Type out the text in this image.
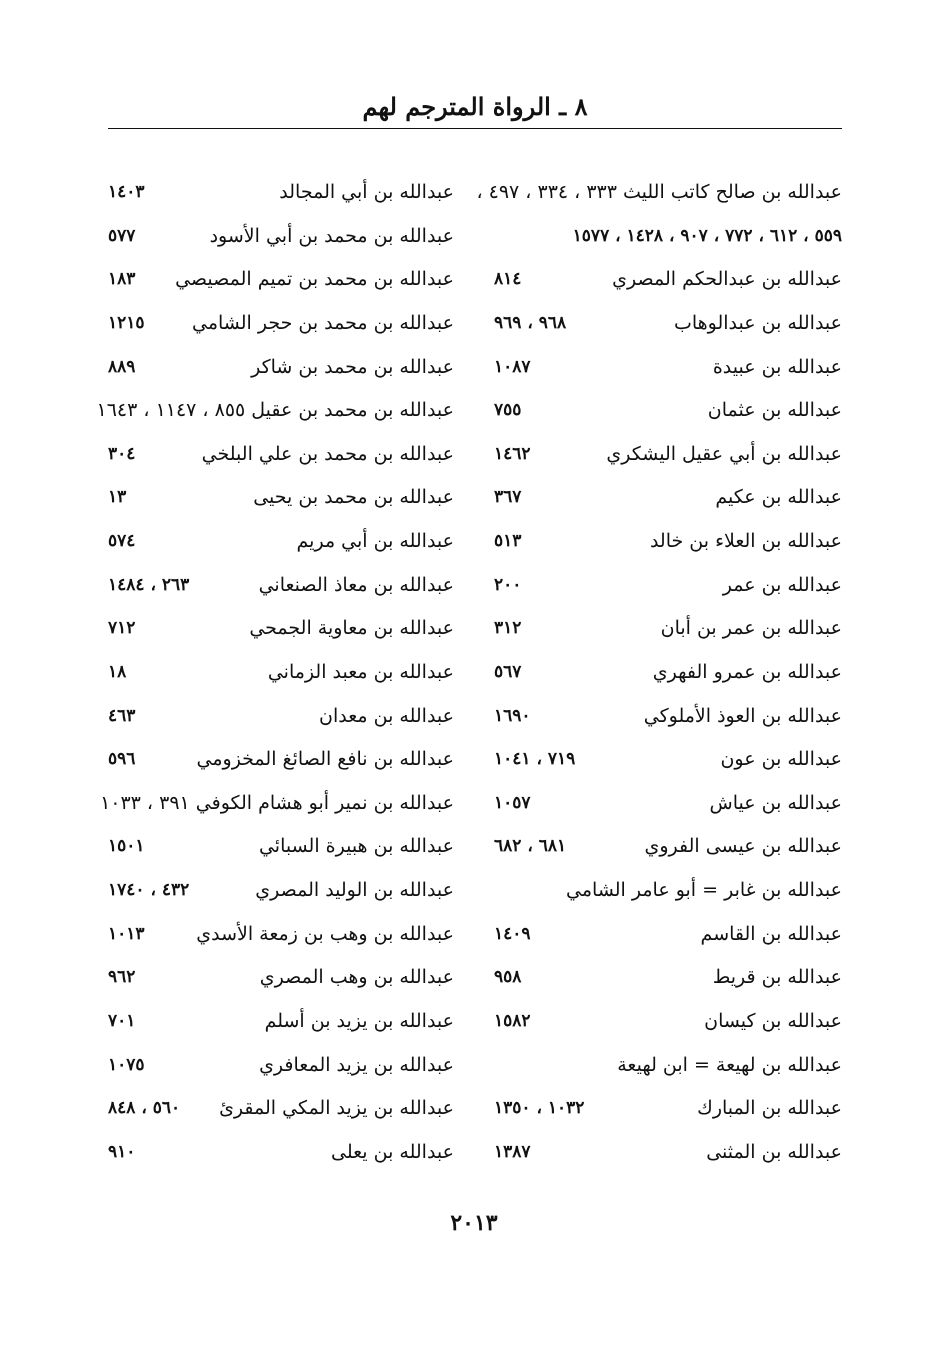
٨ ـ الرواة المترجم لهم
عبدالله بن صالح كاتب الليث ٣٣٣ ، ٣٣٤ ، ٤٩٧ ،
٥٥٩ ، ٦١٢ ، ٧٧٢ ، ٩٠٧ ، ١٤٢٨ ، ١٥٧٧
عبدالله بن عبدالحكم المصري
٨١٤
عبدالله بن عبدالوهاب
٩٦٨ ، ٩٦٩
عبدالله بن عبيدة
١٠٨٧
عبدالله بن عثمان
٧٥٥
عبدالله بن أبي عقيل اليشكري
١٤٦٢
عبدالله بن عكيم
٣٦٧
عبدالله بن العلاء بن خالد
٥١٣
عبدالله بن عمر
٢٠٠
عبدالله بن عمر بن أبان
٣١٢
عبدالله بن عمرو الفهري
٥٦٧
عبدالله بن العوذ الأملوكي
١٦٩٠
عبدالله بن عون
٧١٩ ، ١٠٤١
عبدالله بن عياش
١٠٥٧
عبدالله بن عيسى الفروي
٦٨١ ، ٦٨٢
عبدالله بن غابر = أبو عامر الشامي
عبدالله بن القاسم
١٤٠٩
عبدالله بن قريط
٩٥٨
عبدالله بن كيسان
١٥٨٢
عبدالله بن لهيعة = ابن لهيعة
عبدالله بن المبارك
١٠٣٢ ، ١٣٥٠
عبدالله بن المثنى
١٣٨٧
عبدالله بن أبي المجالد
١٤٠٣
عبدالله بن محمد بن أبي الأسود
٥٧٧
عبدالله بن محمد بن تميم المصيصي
١٨٣
عبدالله بن محمد بن حجر الشامي
١٢١٥
عبدالله بن محمد بن شاكر
٨٨٩
عبدالله بن محمد بن عقيل ٨٥٥ ، ١١٤٧ ، ١٦٤٣
عبدالله بن محمد بن علي البلخي
٣٠٤
عبدالله بن محمد بن يحيى
١٣
عبدالله بن أبي مريم
٥٧٤
عبدالله بن معاذ الصنعاني
٢٦٣ ، ١٤٨٤
عبدالله بن معاوية الجمحي
٧١٢
عبدالله بن معبد الزماني
١٨
عبدالله بن معدان
٤٦٣
عبدالله بن نافع الصائغ المخزومي
٥٩٦
عبدالله بن نمير أبو هشام الكوفي ٣٩١ ، ١٠٣٣
عبدالله بن هبيرة السبائي
١٥٠١
عبدالله بن الوليد المصري
٤٣٢ ، ١٧٤٠
عبدالله بن وهب بن زمعة الأسدي
١٠١٣
عبدالله بن وهب المصري
٩٦٢
عبدالله بن يزيد بن أسلم
٧٠١
عبدالله بن يزيد المعافري
١٠٧٥
عبدالله بن يزيد المكي المقرئ
٥٦٠ ، ٨٤٨
عبدالله بن يعلى
٩١٠
٢٠١٣
